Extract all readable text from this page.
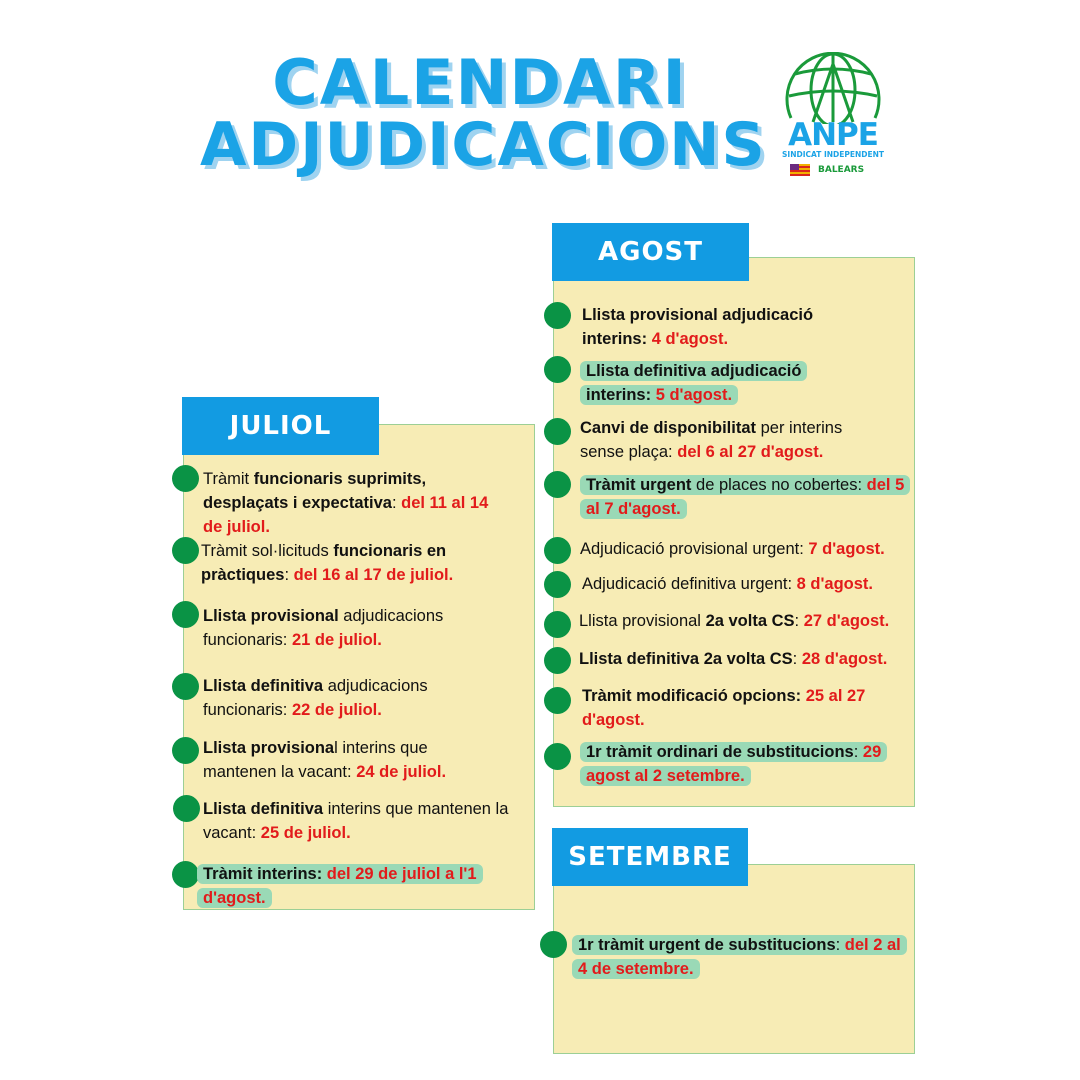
CALENDARI
ADJUDICACIONS ANPE
SINDICAT INDEPENDENT
BALEARS
JULIOL
AGOST
SETEMBRE
Tràmit funcionaris suprimits, desplaçats i expectativa: del 11 al 14 de juliol.
Tràmit sol·licituds funcionaris en pràctiques: del 16 al 17 de juliol.
Llista provisional adjudicacions funcionaris: 21 de juliol.
Llista definitiva adjudicacions funcionaris: 22 de juliol.
Llista provisional interins que mantenen la vacant: 24 de juliol.
Llista definitiva interins que mantenen la vacant: 25 de juliol.
Tràmit interins: del 29 de juliol a l'1 d'agost.
Llista provisional adjudicació interins: 4 d'agost.
Llista definitiva adjudicació interins: 5 d'agost.
Canvi de disponibilitat per interins sense plaça: del 6 al 27 d'agost.
Tràmit urgent de places no cobertes: del 5 al 7 d'agost.
Adjudicació provisional urgent: 7 d'agost.
Adjudicació definitiva urgent: 8 d'agost.
Llista provisional 2a volta CS: 27 d'agost.
Llista definitiva 2a volta CS: 28 d'agost.
Tràmit modificació opcions: 25 al 27 d'agost.
1r tràmit ordinari de substitucions: 29 agost al 2 setembre.
1r tràmit urgent de substitucions: del 2 al 4 de setembre.
